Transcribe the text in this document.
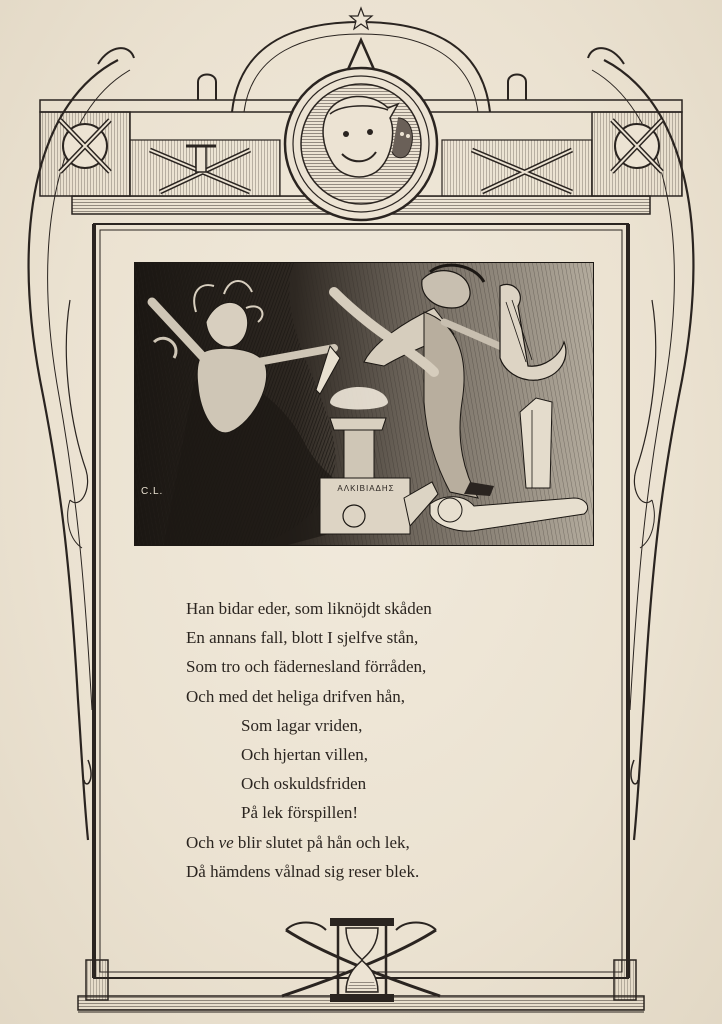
C.L.	ΑΛΚΙΒΙΑΔΗΣ
Han bidar eder, som liknöjdt skåden
En annans fall, blott I sjelfve stån,
Som tro och fädernesland förråden,
Och med det heliga drifven hån,
Som lagar vriden,
Och hjertan villen,
Och oskuldsfriden
På lek förspillen!
Och ve blir slutet på hån och lek,
Då hämdens vålnad sig reser blek.
